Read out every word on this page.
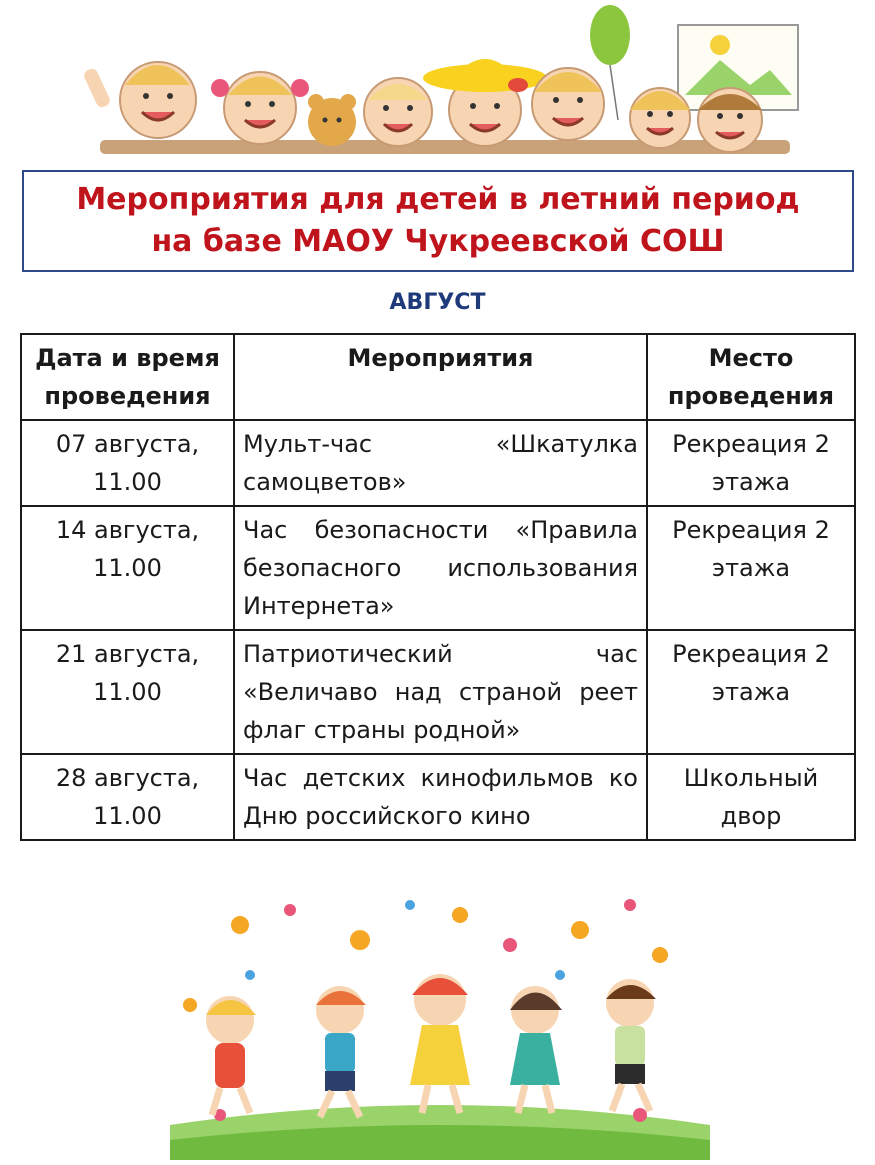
Мероприятия для детей в летний период
на базе МАОУ Чукреевской СОШ
АВГУСТ
Дата и время проведения	Мероприятия	Место проведения
07 августа, 11.00	Мульт-час «Шкатулка самоцветов»	Рекреация 2 этажа
14 августа, 11.00	Час безопасности «Правила безопасного использования Интернета»	Рекреация 2 этажа
21 августа, 11.00	Патриотический час «Величаво над страной реет флаг страны родной»	Рекреация 2 этажа
28 августа, 11.00	Час детских кинофильмов ко Дню российского кино	Школьный двор
